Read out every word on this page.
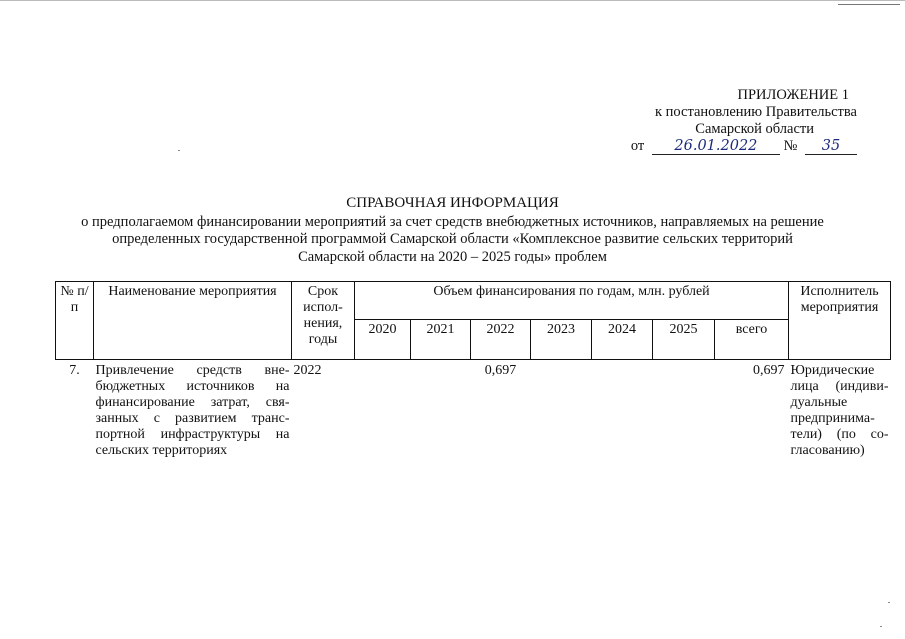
ПРИЛОЖЕНИЕ 1
к постановлению Правительства
Самарской области
от 26.01.2022 № 35
СПРАВОЧНАЯ ИНФОРМАЦИЯ
о предполагаемом финансировании мероприятий за счет средств внебюджетных источников, направляемых на решение
определенных государственной программой Самарской области «Комплексное развитие сельских территорий
Самарской области на 2020 – 2025 годы» проблем
№ п/п	Наименование мероприятия	Срок испол-нения, годы	Объем финансирования по годам, млн. рублей							Исполнитель мероприятия
			2020	2021	2022	2023	2024	2025	всего	
7.	Привлечение средств вне-бюджетных источников на финансирование затрат, свя-занных с развитием транс-портной инфраструктуры на сельских территориях	2022			0,697				0,697	Юридические лица (индиви-дуальные предпринима-тели) (по со-гласованию)
